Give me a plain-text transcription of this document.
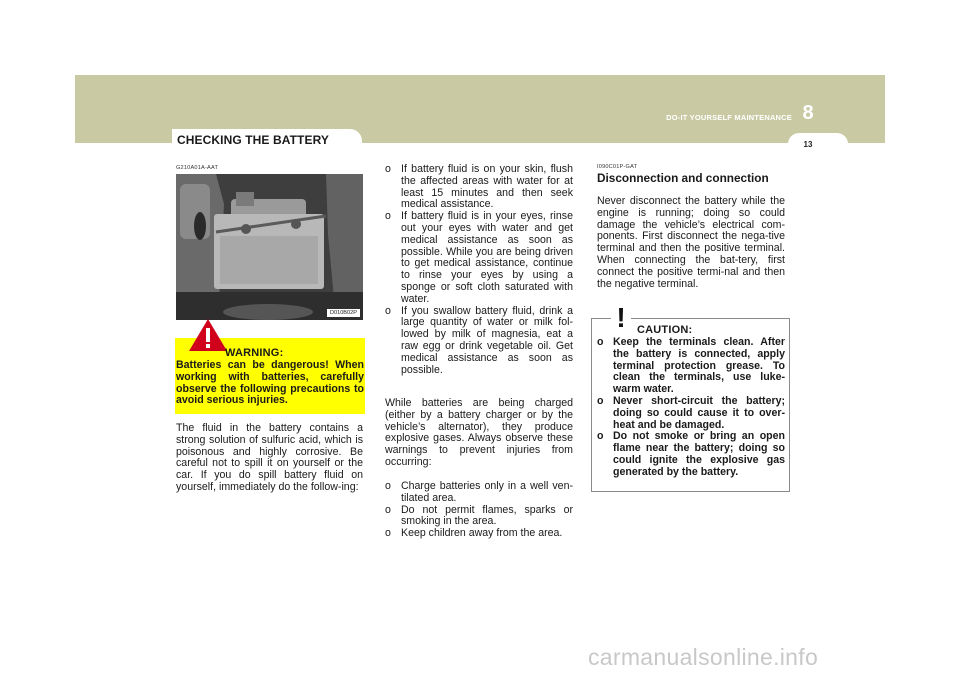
DO-IT YOURSELF MAINTENANCE 8
13
CHECKING THE BATTERY
G210A01A-AAT
D010B02P
WARNING:

Batteries can be dangerous! When working with batteries, carefully observe the following precautions to avoid serious injuries.

The fluid in the battery contains a strong solution of sulfuric acid, which is poisonous and highly corrosive. Be careful not to spill it on yourself or the car. If you do spill battery fluid on yourself, immediately do the follow-ing:

o If battery fluid is on your skin, flush the affected areas with water for at least 15 minutes and then seek medical assistance.
o If battery fluid is in your eyes, rinse out your eyes with water and get medical assistance as soon as possible. While you are being driven to get medical assistance, continue to rinse your eyes by using a sponge or soft cloth saturated with water.
o If you swallow battery fluid, drink a large quantity of water or milk fol-lowed by milk of magnesia, eat a raw egg or drink vegetable oil. Get medical assistance as soon as possible.

While batteries are being charged (either by a battery charger or by the vehicle’s alternator), they produce explosive gases. Always observe these warnings to prevent injuries from occurring:

o Charge batteries only in a well ven-tilated area.
o Do not permit flames, sparks or smoking in the area.
o Keep children away from the area.
I090C01P-GAT
Disconnection and connection

Never disconnect the battery while the engine is running; doing so could damage the vehicle’s electrical com-ponents. First disconnect the nega-tive terminal and then the positive terminal. When connecting the bat-tery, first connect the positive termi-nal and then the negative terminal.

!	CAUTION:
o Keep the terminals clean. After the battery is connected, apply terminal protection grease. To clean the terminals, use luke-warm water.
o Never short-circuit the battery; doing so could cause it to over-heat and be damaged.
o Do not smoke or bring an open flame near the battery; doing so could ignite the explosive gas generated by the battery.
carmanualsonline.info
